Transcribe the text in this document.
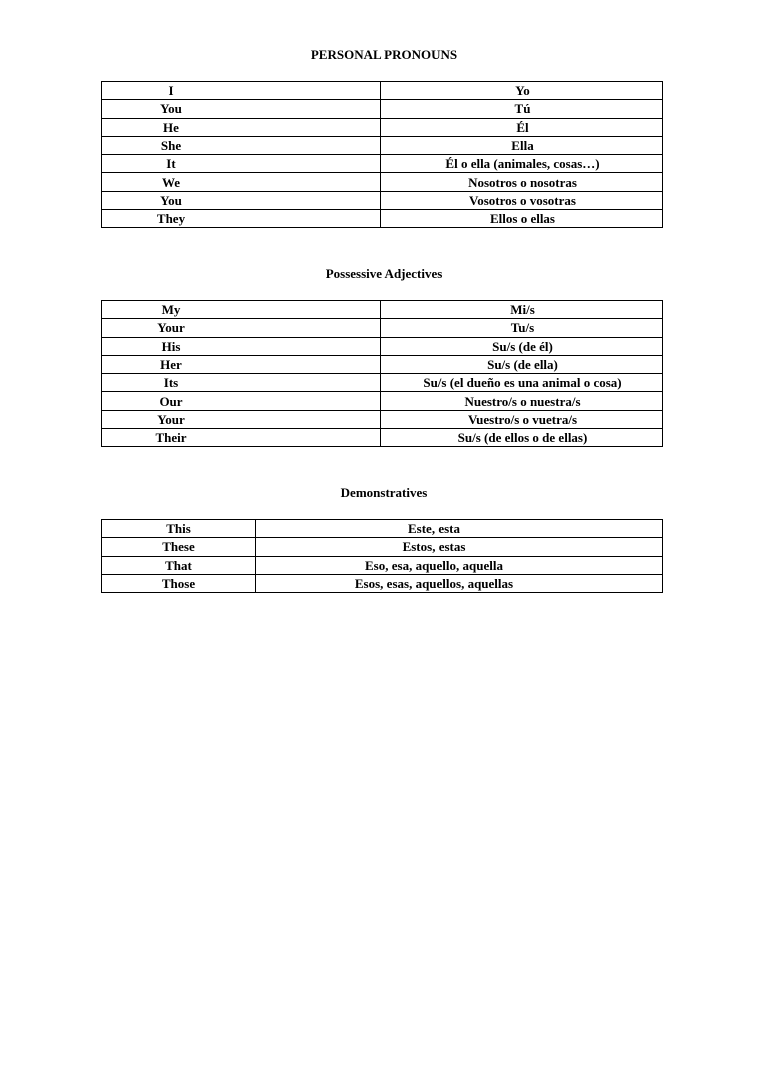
PERSONAL PRONOUNS
I	Yo
You	Tú
He	Él
She	Ella
It	Él o ella (animales, cosas…)
We	Nosotros o nosotras
You	Vosotros o vosotras
They	Ellos o ellas
Possessive Adjectives
My	Mi/s
Your	Tu/s
His	Su/s (de él)
Her	Su/s (de ella)
Its	Su/s (el dueño es una animal o cosa)
Our	Nuestro/s o nuestra/s
Your	Vuestro/s o vuetra/s
Their	Su/s (de ellos o de ellas)
Demonstratives
This	Este, esta
These	Estos, estas
That	Eso, esa, aquello, aquella
Those	Esos, esas, aquellos, aquellas
